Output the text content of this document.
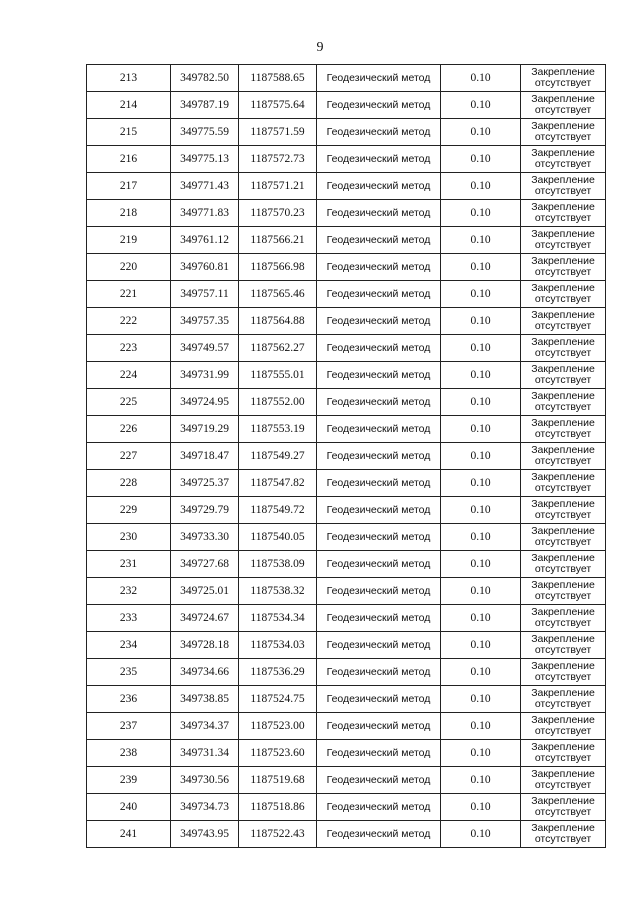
9
213	349782.50	1187588.65	Геодезический метод	0.10	Закрепление
отсутствует

214	349787.19	1187575.64	Геодезический метод	0.10	Закрепление
отсутствует

215	349775.59	1187571.59	Геодезический метод	0.10	Закрепление
отсутствует

216	349775.13	1187572.73	Геодезический метод	0.10	Закрепление
отсутствует

217	349771.43	1187571.21	Геодезический метод	0.10	Закрепление
отсутствует

218	349771.83	1187570.23	Геодезический метод	0.10	Закрепление
отсутствует

219	349761.12	1187566.21	Геодезический метод	0.10	Закрепление
отсутствует

220	349760.81	1187566.98	Геодезический метод	0.10	Закрепление
отсутствует

221	349757.11	1187565.46	Геодезический метод	0.10	Закрепление
отсутствует

222	349757.35	1187564.88	Геодезический метод	0.10	Закрепление
отсутствует

223	349749.57	1187562.27	Геодезический метод	0.10	Закрепление
отсутствует

224	349731.99	1187555.01	Геодезический метод	0.10	Закрепление
отсутствует

225	349724.95	1187552.00	Геодезический метод	0.10	Закрепление
отсутствует

226	349719.29	1187553.19	Геодезический метод	0.10	Закрепление
отсутствует

227	349718.47	1187549.27	Геодезический метод	0.10	Закрепление
отсутствует

228	349725.37	1187547.82	Геодезический метод	0.10	Закрепление
отсутствует

229	349729.79	1187549.72	Геодезический метод	0.10	Закрепление
отсутствует

230	349733.30	1187540.05	Геодезический метод	0.10	Закрепление
отсутствует

231	349727.68	1187538.09	Геодезический метод	0.10	Закрепление
отсутствует

232	349725.01	1187538.32	Геодезический метод	0.10	Закрепление
отсутствует

233	349724.67	1187534.34	Геодезический метод	0.10	Закрепление
отсутствует

234	349728.18	1187534.03	Геодезический метод	0.10	Закрепление
отсутствует

235	349734.66	1187536.29	Геодезический метод	0.10	Закрепление
отсутствует

236	349738.85	1187524.75	Геодезический метод	0.10	Закрепление
отсутствует

237	349734.37	1187523.00	Геодезический метод	0.10	Закрепление
отсутствует

238	349731.34	1187523.60	Геодезический метод	0.10	Закрепление
отсутствует

239	349730.56	1187519.68	Геодезический метод	0.10	Закрепление
отсутствует

240	349734.73	1187518.86	Геодезический метод	0.10	Закрепление
отсутствует

241	349743.95	1187522.43	Геодезический метод	0.10	Закрепление
отсутствует
